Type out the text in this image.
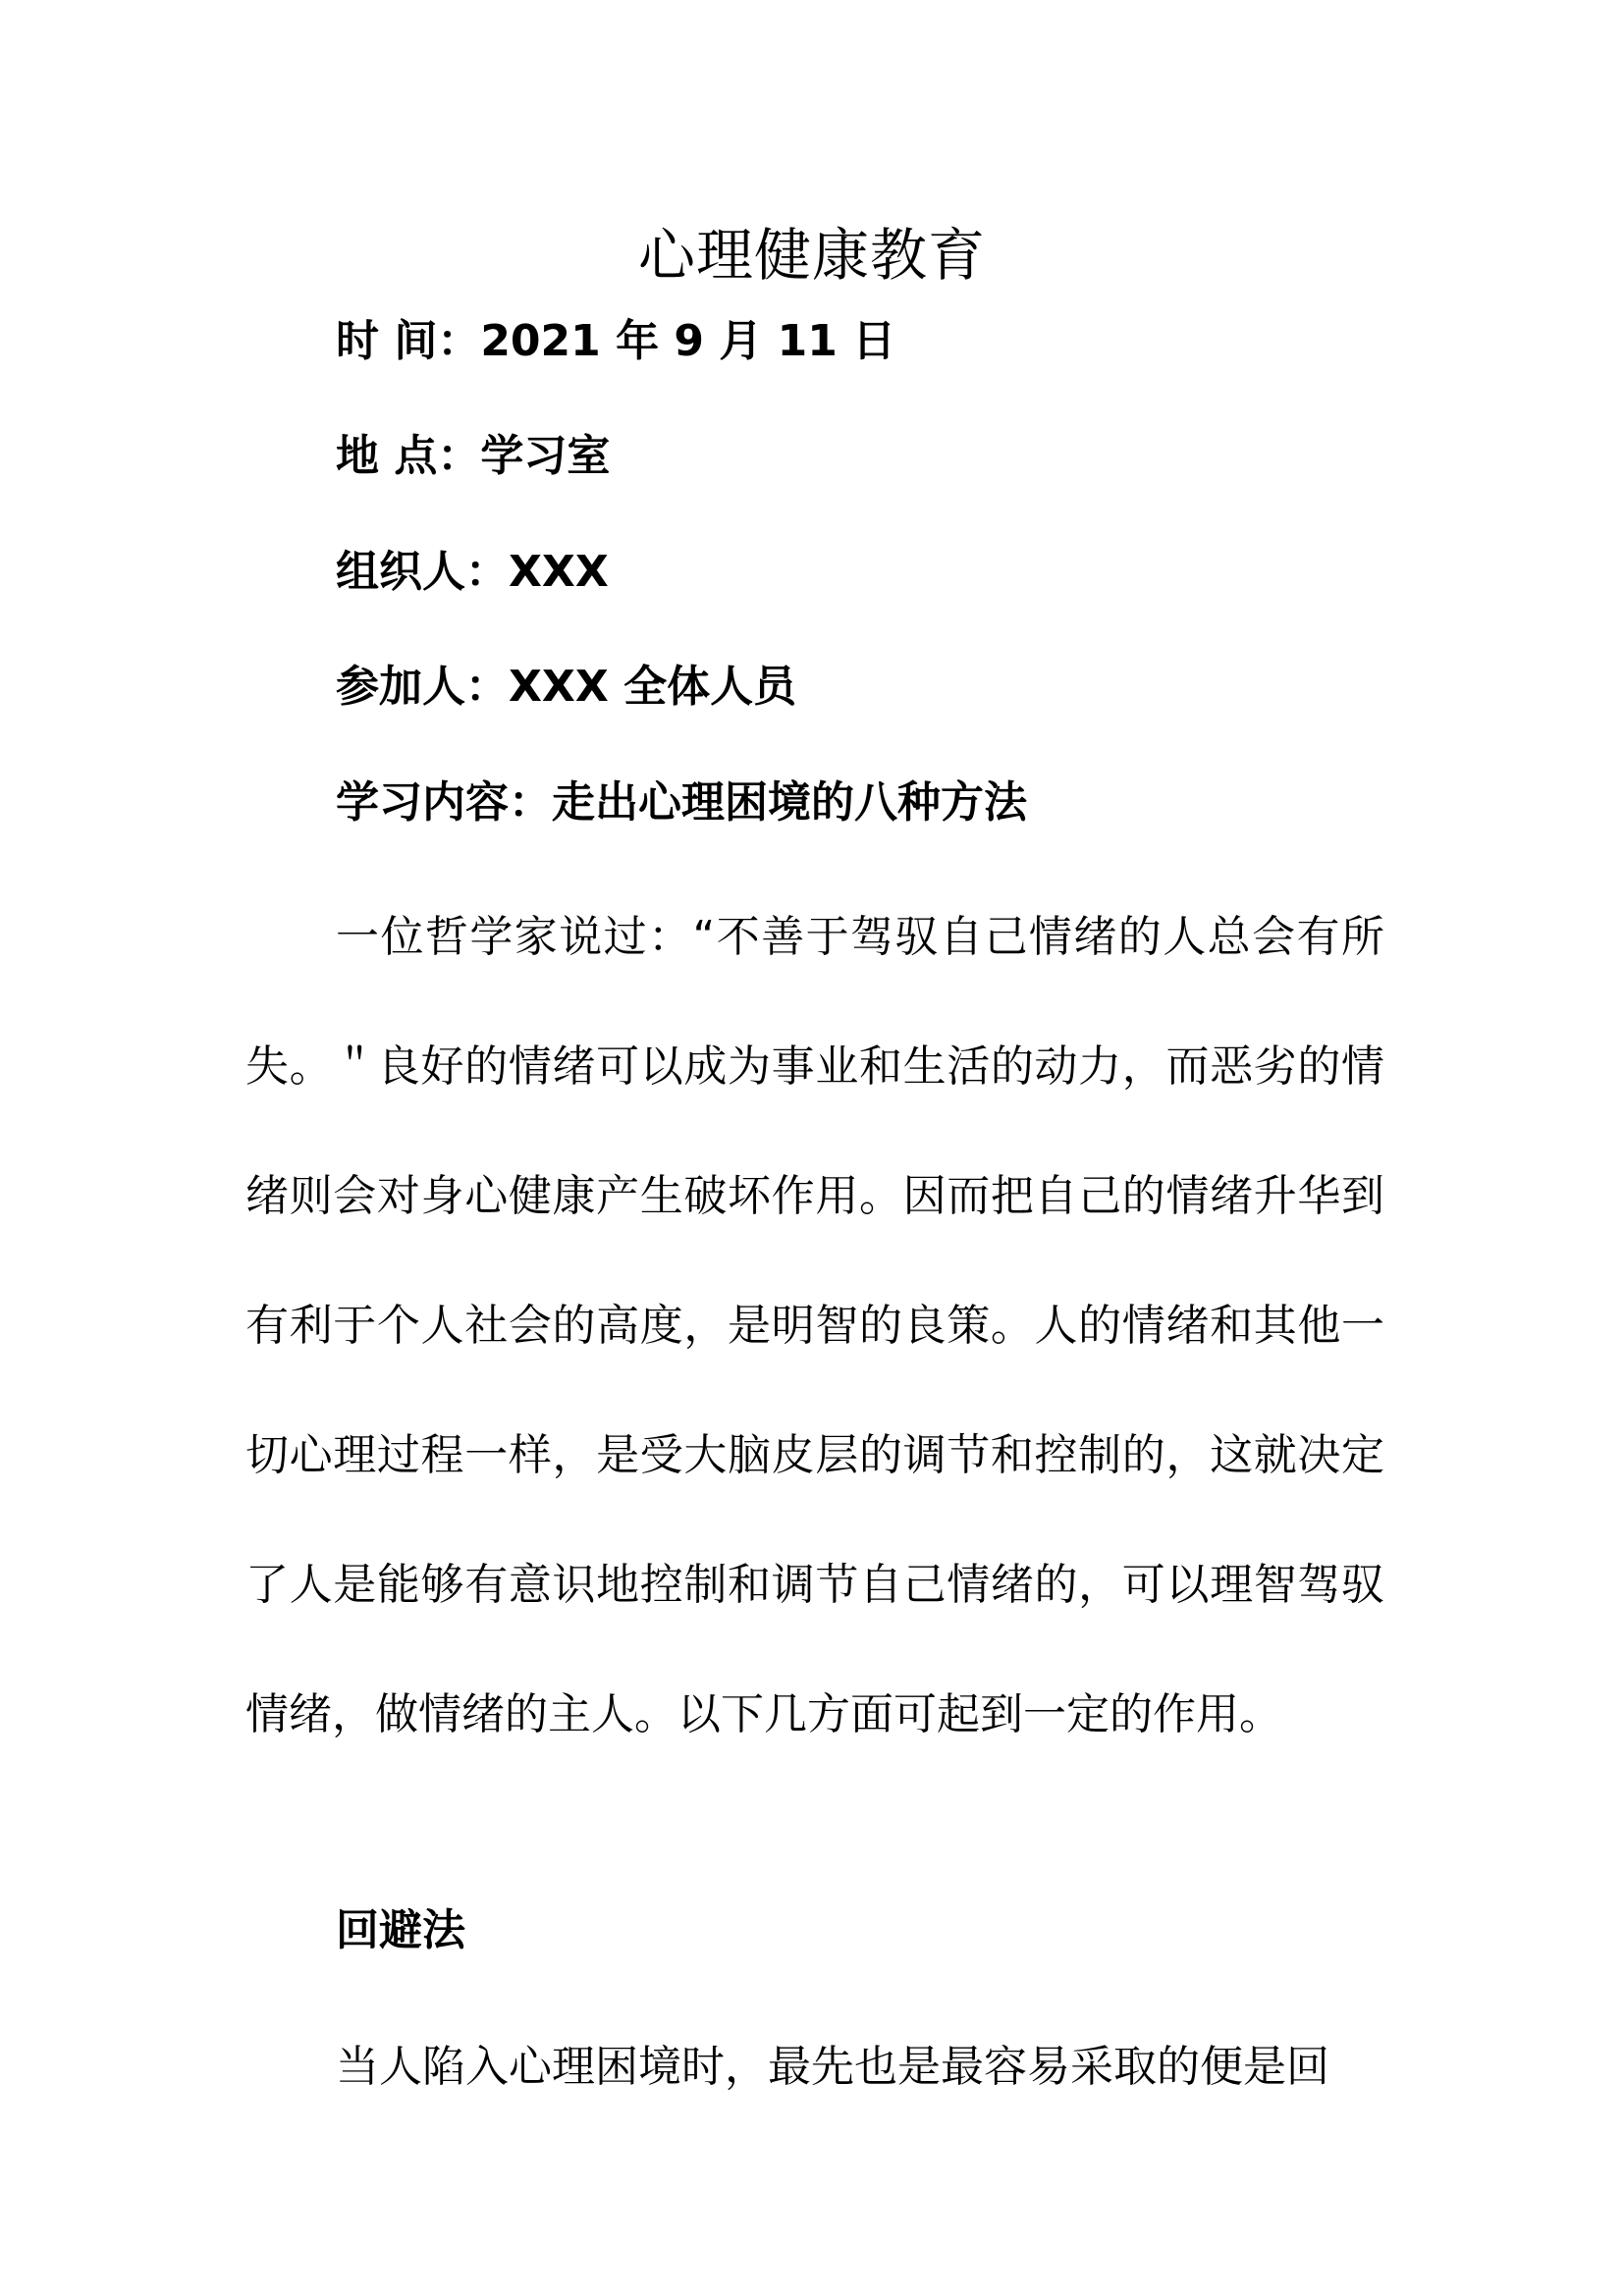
心理健康教育
时 间：2021 年 9 月 11 日
地 点：学习室
组织人：XXX
参加人：XXX 全体人员
学习内容：走出心理困境的八种方法

一位哲学家说过：“不善于驾驭自己情绪的人总会有所失。＂良好的情绪可以成为事业和生活的动力，而恶劣的情绪则会对身心健康产生破坏作用。因而把自己的情绪升华到有利于个人社会的高度，是明智的良策。人的情绪和其他一切心理过程一样，是受大脑皮层的调节和控制的，这就决定了人是能够有意识地控制和调节自己情绪的，可以理智驾驭情绪，做情绪的主人。以下几方面可起到一定的作用。

回避法

当人陷入心理困境时，最先也是最容易采取的便是回
